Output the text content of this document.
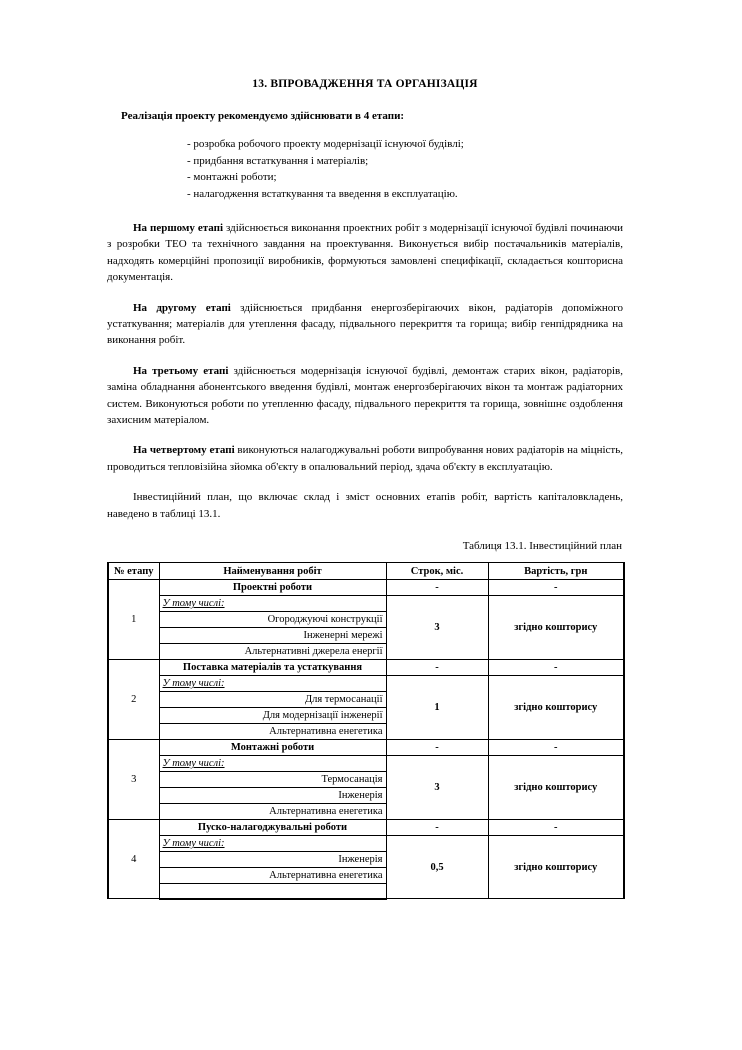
13. ВПРОВАДЖЕННЯ ТА ОРГАНІЗАЦІЯ
Реалізація проекту рекомендуємо здійснювати в 4 етапи:
- розробка робочого проекту модернізації існуючої будівлі;
- придбання встаткування і матеріалів;
- монтажні роботи;
- налагодження встаткування та введення в експлуатацію.

На першому етапі здійснюється виконання проектних робіт з модернізації існуючої будівлі починаючи з розробки ТЕО та технічного завдання на проектування. Виконується вибір постачальників матеріалів, надходять комерційні пропозиції виробників, формуються замовлені специфікації, складається кошторисна документація.

На другому етапі здійснюється придбання енергозберігаючих вікон, радіаторів допоміжного устаткування; матеріалів для утеплення фасаду, підвального перекриття та горища; вибір генпідрядника на виконання робіт.

На третьому етапі здійснюється модернізація існуючої будівлі, демонтаж старих вікон, радіаторів, заміна обладнання абонентського введення будівлі, монтаж енергозберігаючих вікон та монтаж радіаторних систем. Виконуються роботи по утепленню фасаду, підвального перекриття та горища, зовнішнє оздоблення захисним матеріалом.

На четвертому етапі виконуються налагоджувальні роботи випробування нових радіаторів на міцність, проводиться тепловізійна зйомка об'єкту в опалювальний період, здача об'єкту в експлуатацію.

Інвестиційний план, що включає склад і зміст основних етапів робіт, вартість капіталовкладень, наведено в таблиці 13.1.

Таблиця 13.1. Інвестиційний план
№ етапу	Найменування робіт	Строк, міс.	Вартість, грн
1	Проектні роботи	-	-
	У тому числі:	3	згідно кошторису
	Огороджуючі конструкції		
	Інженерні мережі		
	Альтернативні джерела енергії		
2	Поставка матеріалів та устаткування	-	-
	У тому числі:	1	згідно кошторису
	Для термосанації		
	Для модернізації інженерії		
	Альтернативна енегетика		
3	Монтажні роботи	-	-
	У тому числі:	3	згідно кошторису
	Термосанація		
	Інженерія		
	Альтернативна енегетика		
4	Пуско-налагоджувальні роботи	-	-
	У тому числі:	0,5	згідно кошторису
	Інженерія		
	Альтернативна енегетика		
